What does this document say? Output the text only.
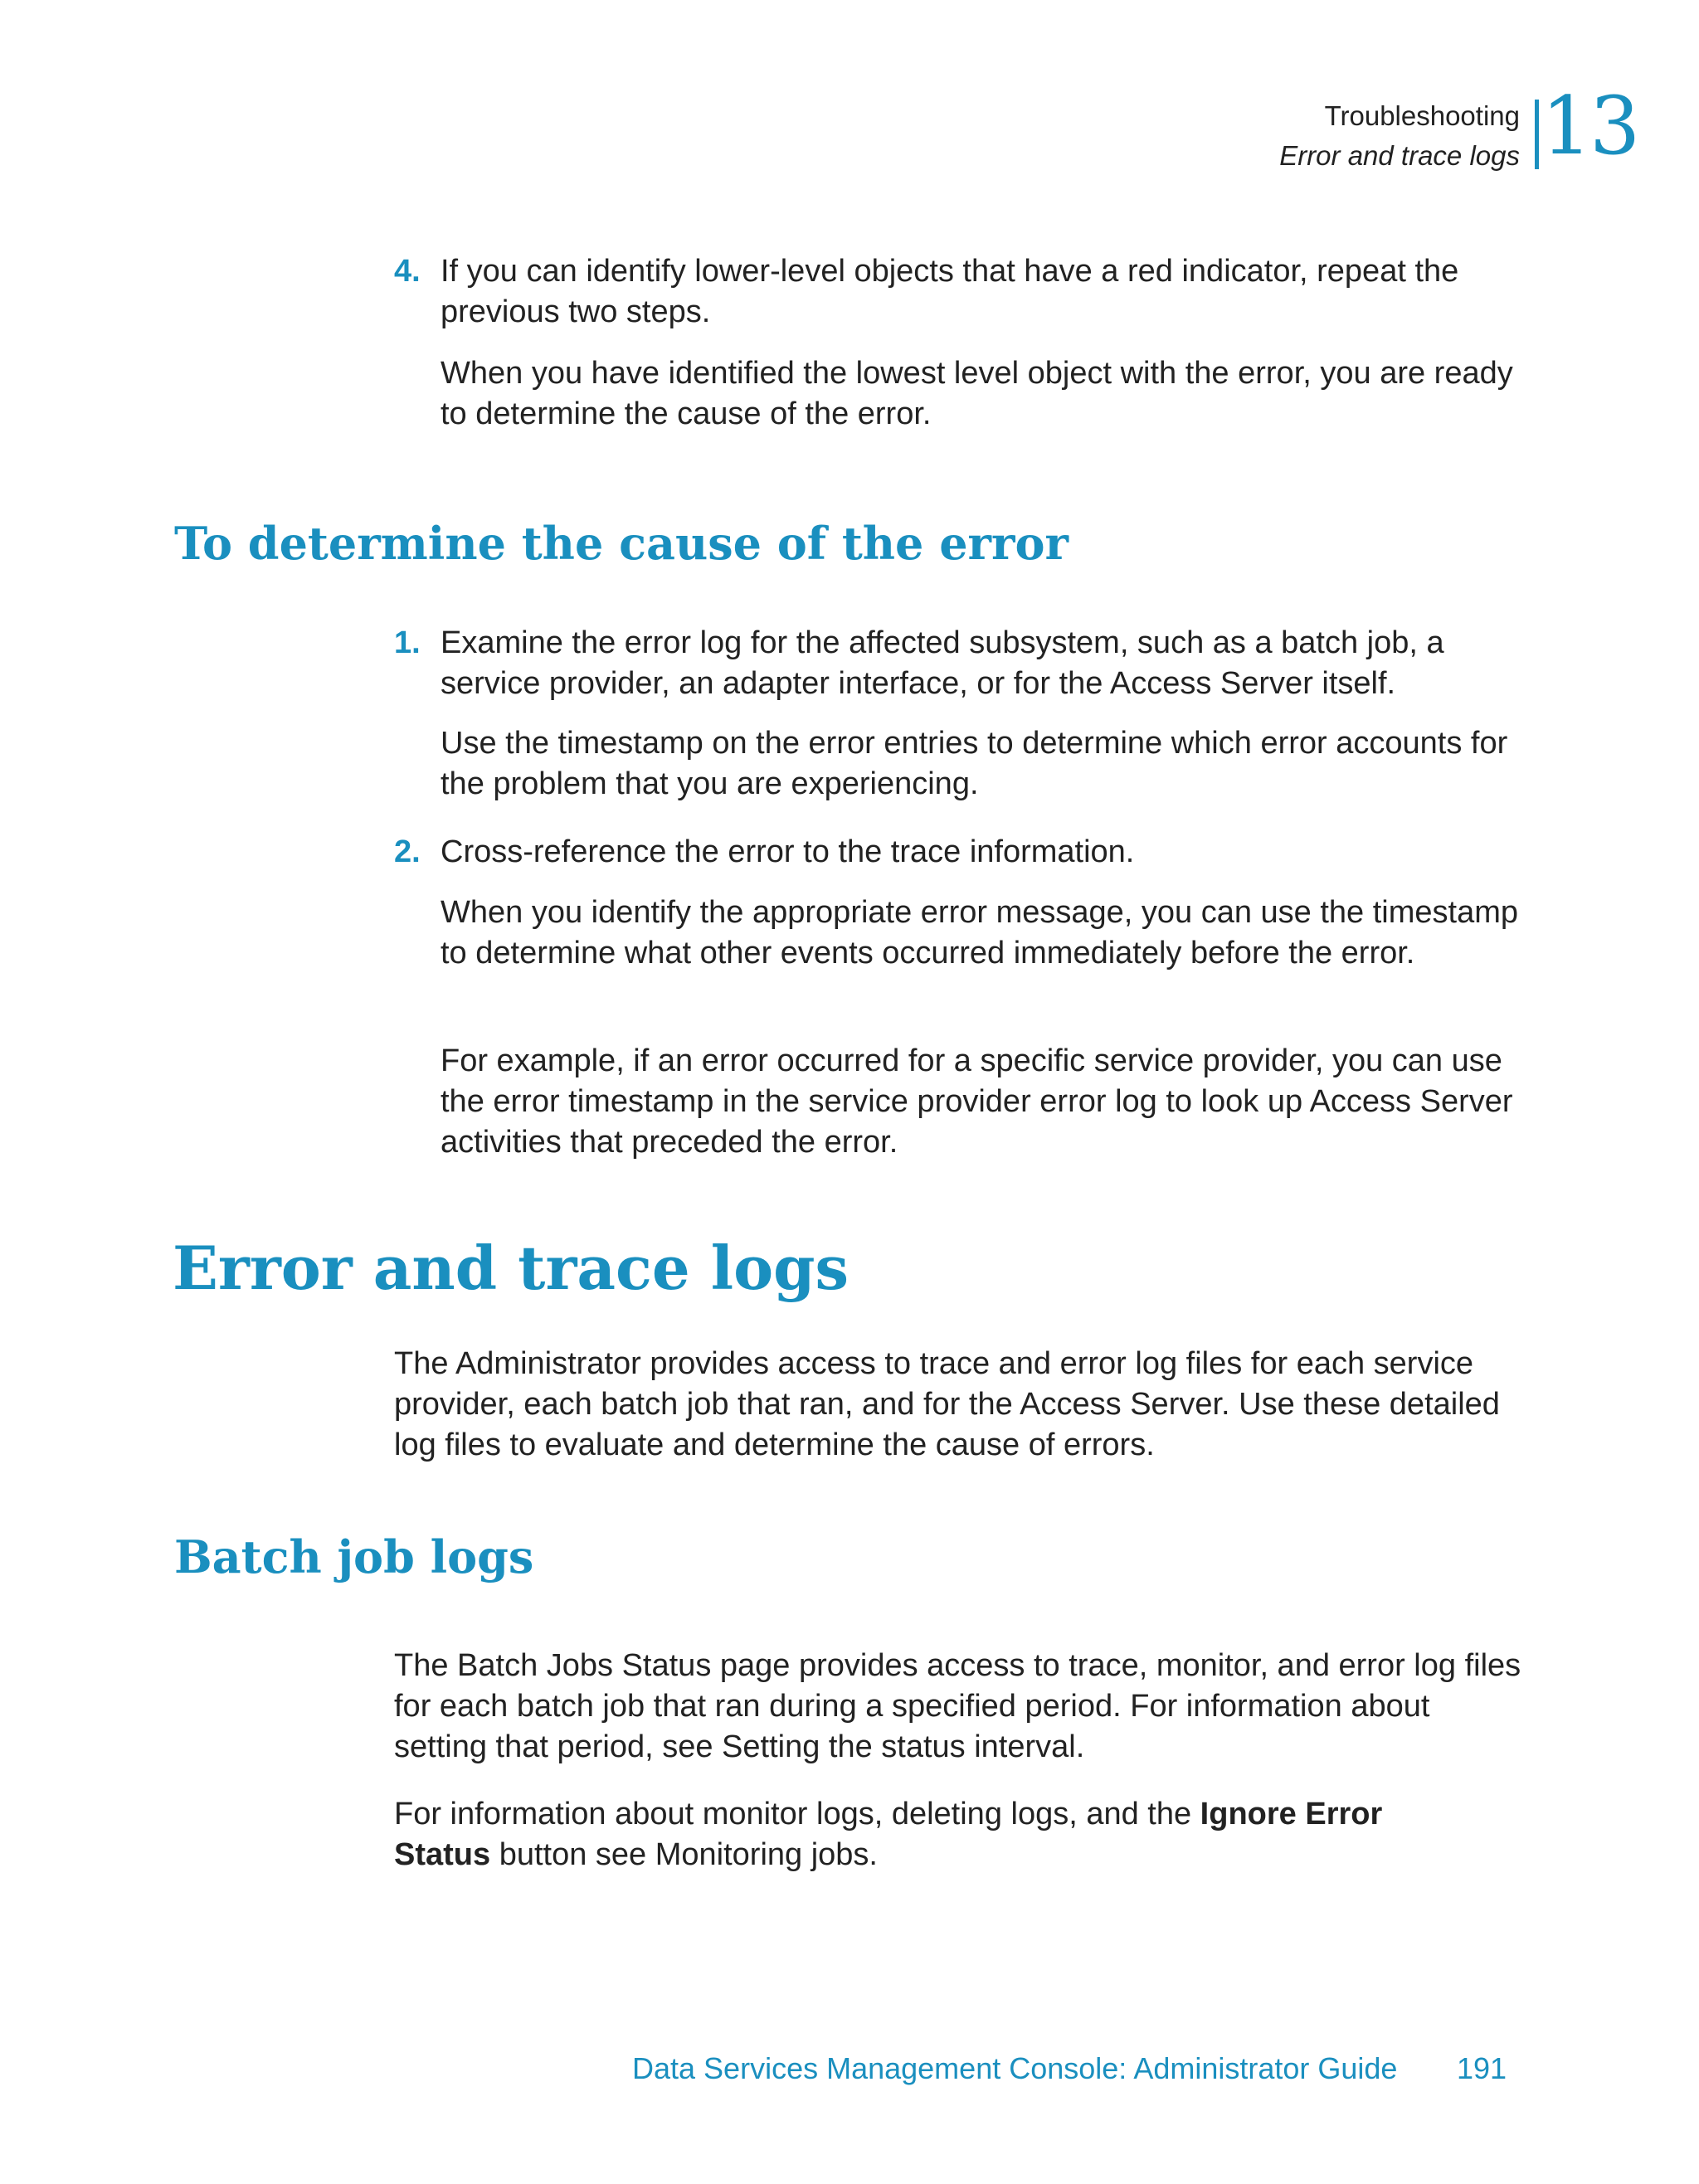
Troubleshooting
Error and trace logs 13
4. If you can identify lower-level objects that have a red indicator, repeat the previous two steps.
When you have identified the lowest level object with the error, you are ready to determine the cause of the error.
To determine the cause of the error
1. Examine the error log for the affected subsystem, such as a batch job, a service provider, an adapter interface, or for the Access Server itself.
Use the timestamp on the error entries to determine which error accounts for the problem that you are experiencing.
2. Cross-reference the error to the trace information.
When you identify the appropriate error message, you can use the timestamp to determine what other events occurred immediately before the error.
For example, if an error occurred for a specific service provider, you can use the error timestamp in the service provider error log to look up Access Server activities that preceded the error.
Error and trace logs
The Administrator provides access to trace and error log files for each service provider, each batch job that ran, and for the Access Server. Use these detailed log files to evaluate and determine the cause of errors.
Batch job logs
The Batch Jobs Status page provides access to trace, monitor, and error log files for each batch job that ran during a specified period. For information about setting that period, see Setting the status interval.
For information about monitor logs, deleting logs, and the Ignore Error Status button see Monitoring jobs.
Data Services Management Console: Administrator Guide 191
